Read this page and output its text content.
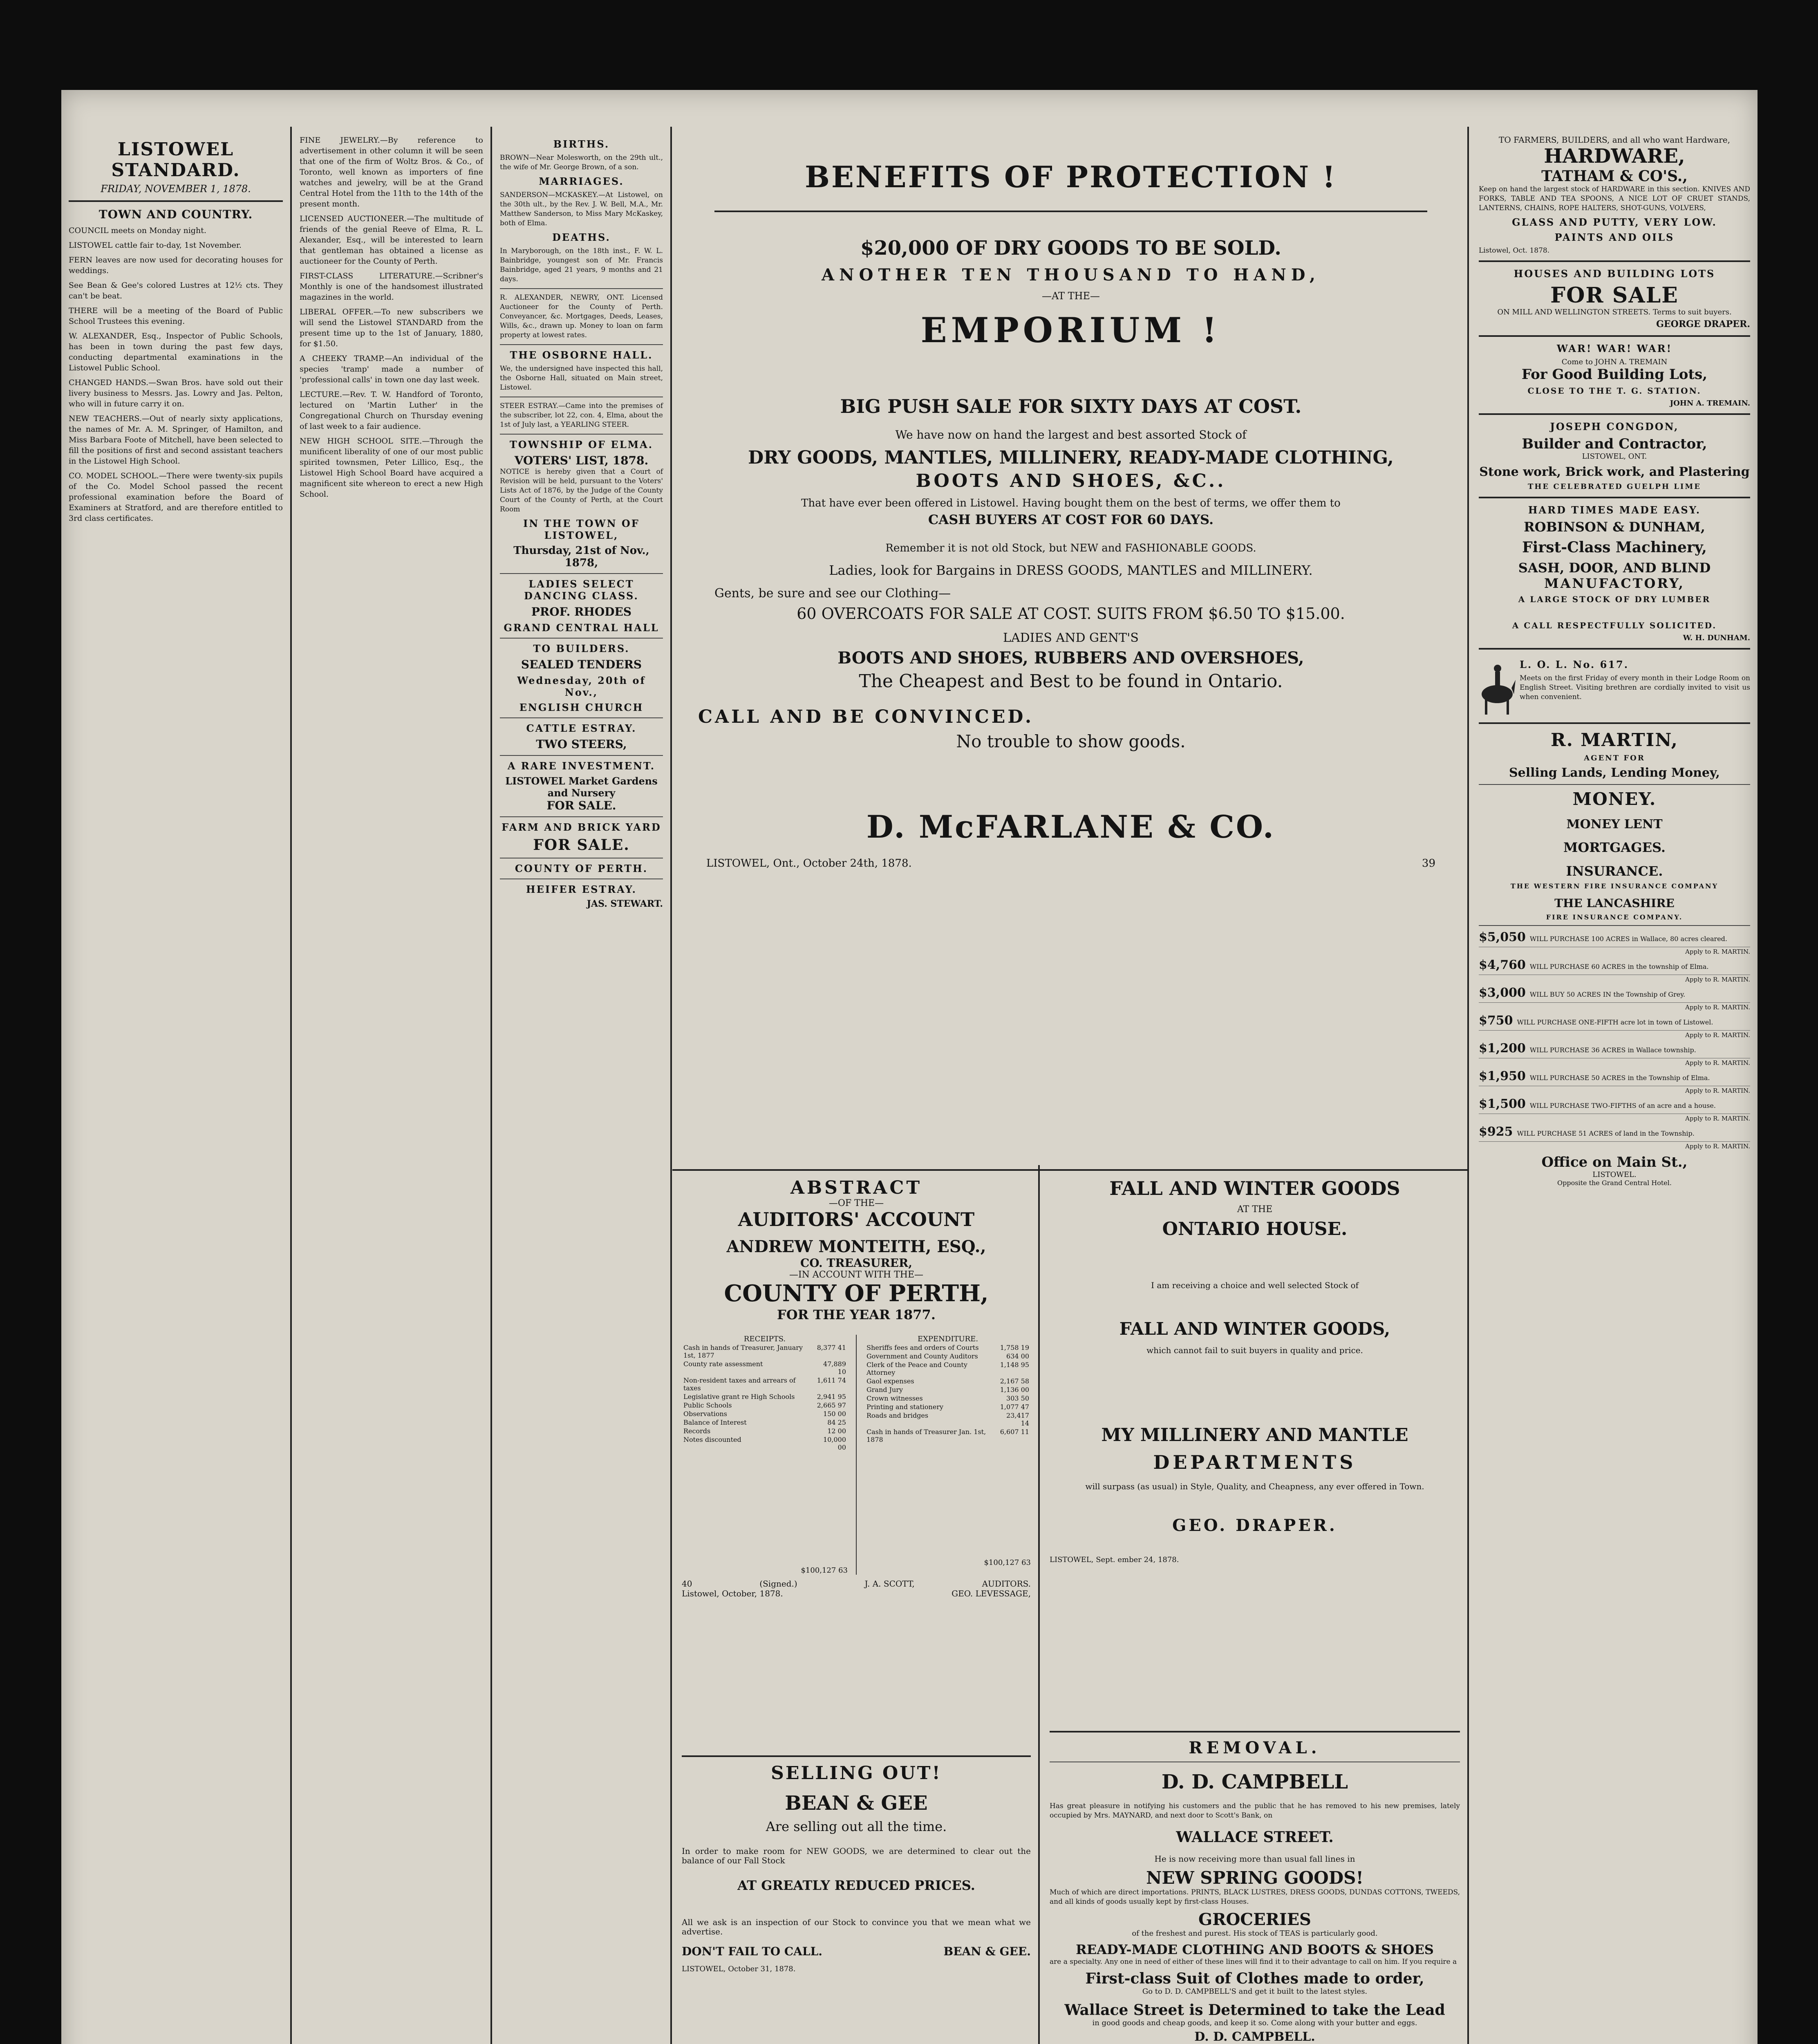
LISTOWEL STANDARD.
FRIDAY, NOVEMBER 1, 1878.
TOWN AND COUNTRY.

COUNCIL meets on Monday night.

LISTOWEL cattle fair to-day, 1st November.

FERN leaves are now used for decorating houses for weddings.

See Bean & Gee's colored Lustres at 12½ cts. They can't be beat.

THERE will be a meeting of the Board of Public School Trustees this evening.

W. ALEXANDER, Esq., Inspector of Public Schools, has been in town during the past few days, conducting departmental examinations in the Listowel Public School.

CHANGED HANDS.—Swan Bros. have sold out their livery business to Messrs. Jas. Lowry and Jas. Pelton, who will in future carry it on.

NEW TEACHERS.—Out of nearly sixty applications, the names of Mr. A. M. Springer, of Hamilton, and Miss Barbara Foote of Mitchell, have been selected to fill the positions of first and second assistant teachers in the Listowel High School.

CO. MODEL SCHOOL.—There were twenty-six pupils of the Co. Model School passed the recent professional examination before the Board of Examiners at Stratford, and are therefore entitled to 3rd class certificates.

FINE JEWELRY.—By reference to advertisement in other column it will be seen that one of the firm of Woltz Bros. & Co., of Toronto, well known as importers of fine watches and jewelry, will be at the Grand Central Hotel from the 11th to the 14th of the present month.

LICENSED AUCTIONEER.—The multitude of friends of the genial Reeve of Elma, R. L. Alexander, Esq., will be interested to learn that gentleman has obtained a license as auctioneer for the County of Perth.

FIRST-CLASS LITERATURE.—Scribner's Monthly is one of the handsomest illustrated magazines in the world.

LIBERAL OFFER.—To new subscribers we will send the Listowel STANDARD from the present time up to the 1st of January, 1880, for $1.50.

A CHEEKY TRAMP.—An individual of the species 'tramp' made a number of 'professional calls' in town one day last week.

LECTURE.—Rev. T. W. Handford of Toronto, lectured on 'Martin Luther' in the Congregational Church on Thursday evening of last week to a fair audience.

NEW HIGH SCHOOL SITE.—Through the munificent liberality of one of our most public spirited townsmen, Peter Lillico, Esq., the Listowel High School Board have acquired a magnificent site whereon to erect a new High School.

BIRTHS.

BROWN—Near Molesworth, on the 29th ult., the wife of Mr. George Brown, of a son.

MARRIAGES.

SANDERSON—MCKASKEY.—At Listowel, on the 30th ult., by the Rev. J. W. Bell, M.A., Mr. Matthew Sanderson, to Miss Mary McKaskey, both of Elma.

DEATHS.

In Maryborough, on the 18th inst., F. W. L. Bainbridge, youngest son of Mr. Francis Bainbridge, aged 21 years, 9 months and 21 days.

R. ALEXANDER, NEWRY, ONT. Licensed Auctioneer for the County of Perth. Conveyancer, &c. Mortgages, Deeds, Leases, Wills, &c., drawn up. Money to loan on farm property at lowest rates.

THE OSBORNE HALL.

We, the undersigned have inspected this hall, the Osborne Hall, situated on Main street, Listowel.

STEER ESTRAY.—Came into the premises of the subscriber, lot 22, con. 4, Elma, about the 1st of July last, a YEARLING STEER.

TOWNSHIP OF ELMA.
VOTERS' LIST, 1878.

NOTICE is hereby given that a Court of Revision will be held, pursuant to the Voters' Lists Act of 1876, by the Judge of the County Court of the County of Perth, at the Court Room

IN THE TOWN OF LISTOWEL,
Thursday, 21st of Nov., 1878,
LADIES SELECT DANCING CLASS.
PROF. RHODES
GRAND CENTRAL HALL
TO BUILDERS.
SEALED TENDERS
Wednesday, 20th of Nov.,
ENGLISH CHURCH
CATTLE ESTRAY.
TWO STEERS,
A RARE INVESTMENT.
LISTOWEL Market Gardens and Nursery
FOR SALE.
FARM AND BRICK YARD
FOR SALE.
COUNTY OF PERTH.
HEIFER ESTRAY.
JAS. STEWART.
BENEFITS OF PROTECTION !
$20,000 OF DRY GOODS TO BE SOLD.
ANOTHER TEN THOUSAND TO HAND,
—AT THE—
EMPORIUM !
BIG PUSH SALE FOR SIXTY DAYS AT COST.
We have now on hand the largest and best assorted Stock of
DRY GOODS, MANTLES, MILLINERY, READY-MADE CLOTHING,
BOOTS AND SHOES, &C..
That have ever been offered in Listowel. Having bought them on the best of terms, we offer them to
CASH BUYERS AT COST FOR 60 DAYS.
Remember it is not old Stock, but NEW and FASHIONABLE GOODS.
Ladies, look for Bargains in DRESS GOODS, MANTLES and MILLINERY.
Gents, be sure and see our Clothing—
60 OVERCOATS FOR SALE AT COST. SUITS FROM $6.50 TO $15.00.
LADIES AND GENT'S
BOOTS AND SHOES, RUBBERS AND OVERSHOES,
The Cheapest and Best to be found in Ontario.
CALL AND BE CONVINCED.
No trouble to show goods.
D. McFARLANE & CO.
LISTOWEL, Ont., October 24th, 1878.	39
ABSTRACT
—OF THE—
AUDITORS' ACCOUNT
ANDREW MONTEITH, ESQ.,
CO. TREASURER,
—IN ACCOUNT WITH THE—
COUNTY OF PERTH,
FOR THE YEAR 1877.
RECEIPTS.
Cash in hands of Treasurer, January 1st, 1877	8,377 41
County rate assessment	47,889 10
Non-resident taxes and arrears of taxes	1,611 74
Legislative grant re High Schools	2,941 95
Public Schools	2,665 97
Observations	150 00
Balance of Interest	84 25
Records	12 00
Notes discounted	10,000 00
$100,127 63
EXPENDITURE.
Sheriffs fees and orders of Courts	1,758 19
Government and County Auditors	634 00
Clerk of the Peace and County Attorney	1,148 95
Gaol expenses	2,167 58
Grand Jury	1,136 00
Crown witnesses	303 50
Printing and stationery	1,077 47
Roads and bridges	23,417 14
Cash in hands of Treasurer Jan. 1st, 1878	6,607 11
$100,127 63
40	(Signed.)	J. A. SCOTT,	AUDITORS.
Listowel, October, 1878.	GEO. LEVESSAGE,
SELLING OUT!
BEAN & GEE
Are selling out all the time.

In order to make room for NEW GOODS, we are determined to clear out the balance of our Fall Stock

AT GREATLY REDUCED PRICES.

All we ask is an inspection of our Stock to convince you that we mean what we advertise.

DON'T FAIL TO CALL.	BEAN & GEE.
LISTOWEL, October 31, 1878.

FALL AND WINTER GOODS
AT THE
ONTARIO HOUSE.
I am receiving a choice and well selected Stock of
FALL AND WINTER GOODS,
which cannot fail to suit buyers in quality and price.
MY MILLINERY AND MANTLE
DEPARTMENTS
will surpass (as usual) in Style, Quality, and Cheapness, any ever offered in Town.
GEO. DRAPER.
LISTOWEL, Sept. ember 24, 1878.
REMOVAL.
D. D. CAMPBELL

Has great pleasure in notifying his customers and the public that he has removed to his new premises, lately occupied by Mrs. MAYNARD, and next door to Scott's Bank, on

WALLACE STREET.
He is now receiving more than usual fall lines in
NEW SPRING GOODS!

Much of which are direct importations. PRINTS, BLACK LUSTRES, DRESS GOODS, DUNDAS COTTONS, TWEEDS, and all kinds of goods usually kept by first-class Houses.

GROCERIES
of the freshest and purest. His stock of TEAS is particularly good.
READY-MADE CLOTHING AND BOOTS & SHOES

are a specialty. Any one in need of either of these lines will find it to their advantage to call on him. If you require a

First-class Suit of Clothes made to order,
Go to D. D. CAMPBELL'S and get it built to the latest styles.
Wallace Street is Determined to take the Lead
in good goods and cheap goods, and keep it so. Come along with your butter and eggs.
D. D. CAMPBELL.
TO FARMERS, BUILDERS, and all who want Hardware,
HARDWARE,
TATHAM & CO'S.,

Keep on hand the largest stock of HARDWARE in this section. KNIVES AND FORKS, TABLE AND TEA SPOONS, A NICE LOT OF CRUET STANDS, LANTERNS, CHAINS, ROPE HALTERS, SHOT-GUNS, VOLVERS,

GLASS AND PUTTY, VERY LOW.
PAINTS AND OILS
Listowel, Oct. 1878.
HOUSES AND BUILDING LOTS
FOR SALE
ON MILL AND WELLINGTON STREETS. Terms to suit buyers.
GEORGE DRAPER.
WAR! WAR! WAR!
Come to JOHN A. TREMAIN
For Good Building Lots,
CLOSE TO THE T. G. STATION.
JOHN A. TREMAIN.
JOSEPH CONGDON,
Builder and Contractor,
LISTOWEL, ONT.
Stone work, Brick work, and Plastering
THE CELEBRATED GUELPH LIME
HARD TIMES MADE EASY.
ROBINSON & DUNHAM,
First-Class Machinery,
SASH, DOOR, AND BLIND
MANUFACTORY,
A LARGE STOCK OF DRY LUMBER
A CALL RESPECTFULLY SOLICITED.
W. H. DUNHAM.
L. O. L. No. 617.

Meets on the first Friday of every month in their Lodge Room on English Street. Visiting brethren are cordially invited to visit us when convenient.

R. MARTIN,
AGENT FOR
Selling Lands, Lending Money,
MONEY.
MONEY LENT
MORTGAGES.
INSURANCE.
THE WESTERN FIRE INSURANCE COMPANY
THE LANCASHIRE
FIRE INSURANCE COMPANY.
$5,050 WILL PURCHASE 100 ACRES in Wallace, 80 acres cleared.
Apply to R. MARTIN.
$4,760 WILL PURCHASE 60 ACRES in the township of Elma.
Apply to R. MARTIN.
$3,000 WILL BUY 50 ACRES IN the Township of Grey.
Apply to R. MARTIN.
$750 WILL PURCHASE ONE-FIFTH acre lot in town of Listowel.
Apply to R. MARTIN.
$1,200 WILL PURCHASE 36 ACRES in Wallace township.
Apply to R. MARTIN.
$1,950 WILL PURCHASE 50 ACRES in the Township of Elma.
Apply to R. MARTIN.
$1,500 WILL PURCHASE TWO-FIFTHS of an acre and a house.
Apply to R. MARTIN.
$925 WILL PURCHASE 51 ACRES of land in the Township.
Apply to R. MARTIN.
Office on Main St.,
LISTOWEL.
Opposite the Grand Central Hotel.
